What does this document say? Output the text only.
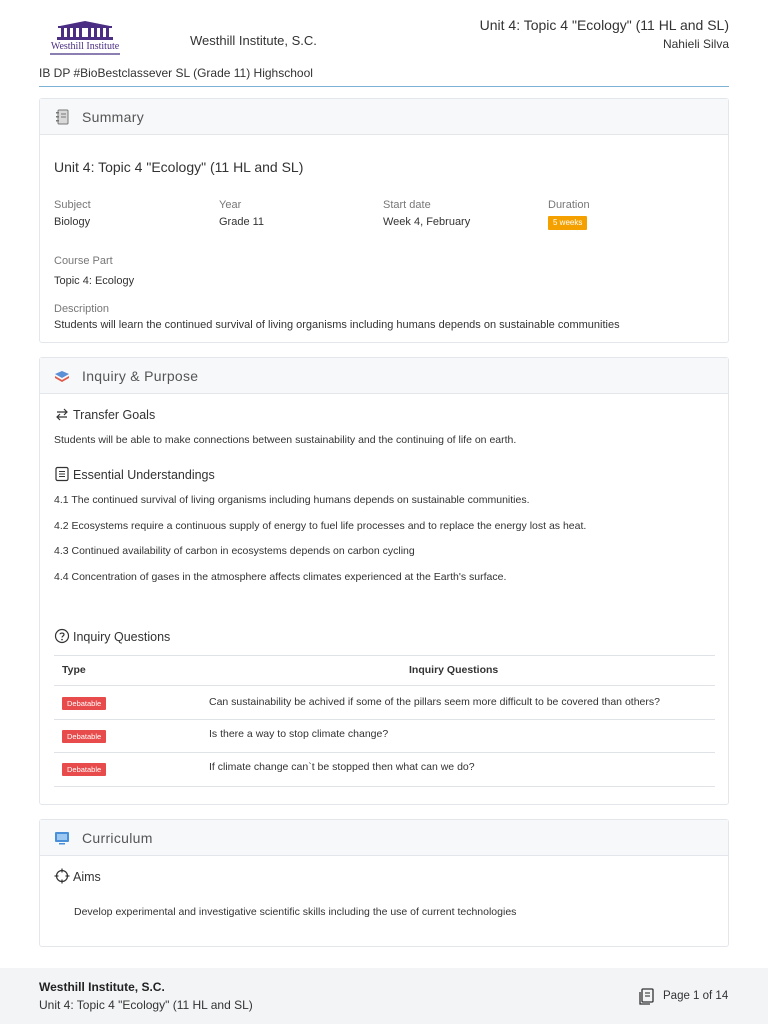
Westhill Institute	Westhill Institute, S.C.
Unit 4: Topic 4 "Ecology" (11 HL and SL)
Nahieli Silva
IB DP #BioBestclassever SL (Grade 11) Highschool
Summary
Unit 4: Topic 4 "Ecology" (11 HL and SL)
Subject
Biology
Year
Grade 11
Start date
Week 4, February
Duration
5 weeks
Course Part
Topic 4: Ecology
Description
Students will learn the continued survival of living organisms including humans depends on sustainable communities
Inquiry & Purpose
Transfer Goals
Students will be able to make connections between sustainability and the continuing of life on earth.
Essential Understandings
4.1 The continued survival of living organisms including humans depends on sustainable communities.
4.2 Ecosystems require a continuous supply of energy to fuel life processes and to replace the energy lost as heat.
4.3 Continued availability of carbon in ecosystems depends on carbon cycling
4.4 Concentration of gases in the atmosphere affects climates experienced at the Earth's surface.
Inquiry Questions
Type	Inquiry Questions
Debatable	Can sustainability be achived if some of the pillars seem more difficult to be covered than others?
Debatable	Is there a way to stop climate change?
Debatable	If climate change can`t be stopped then what can we do?
Curriculum
Aims
Develop experimental and investigative scientific skills including the use of current technologies
Westhill Institute, S.C.
Unit 4: Topic 4 "Ecology" (11 HL and SL)
Page 1 of 14
